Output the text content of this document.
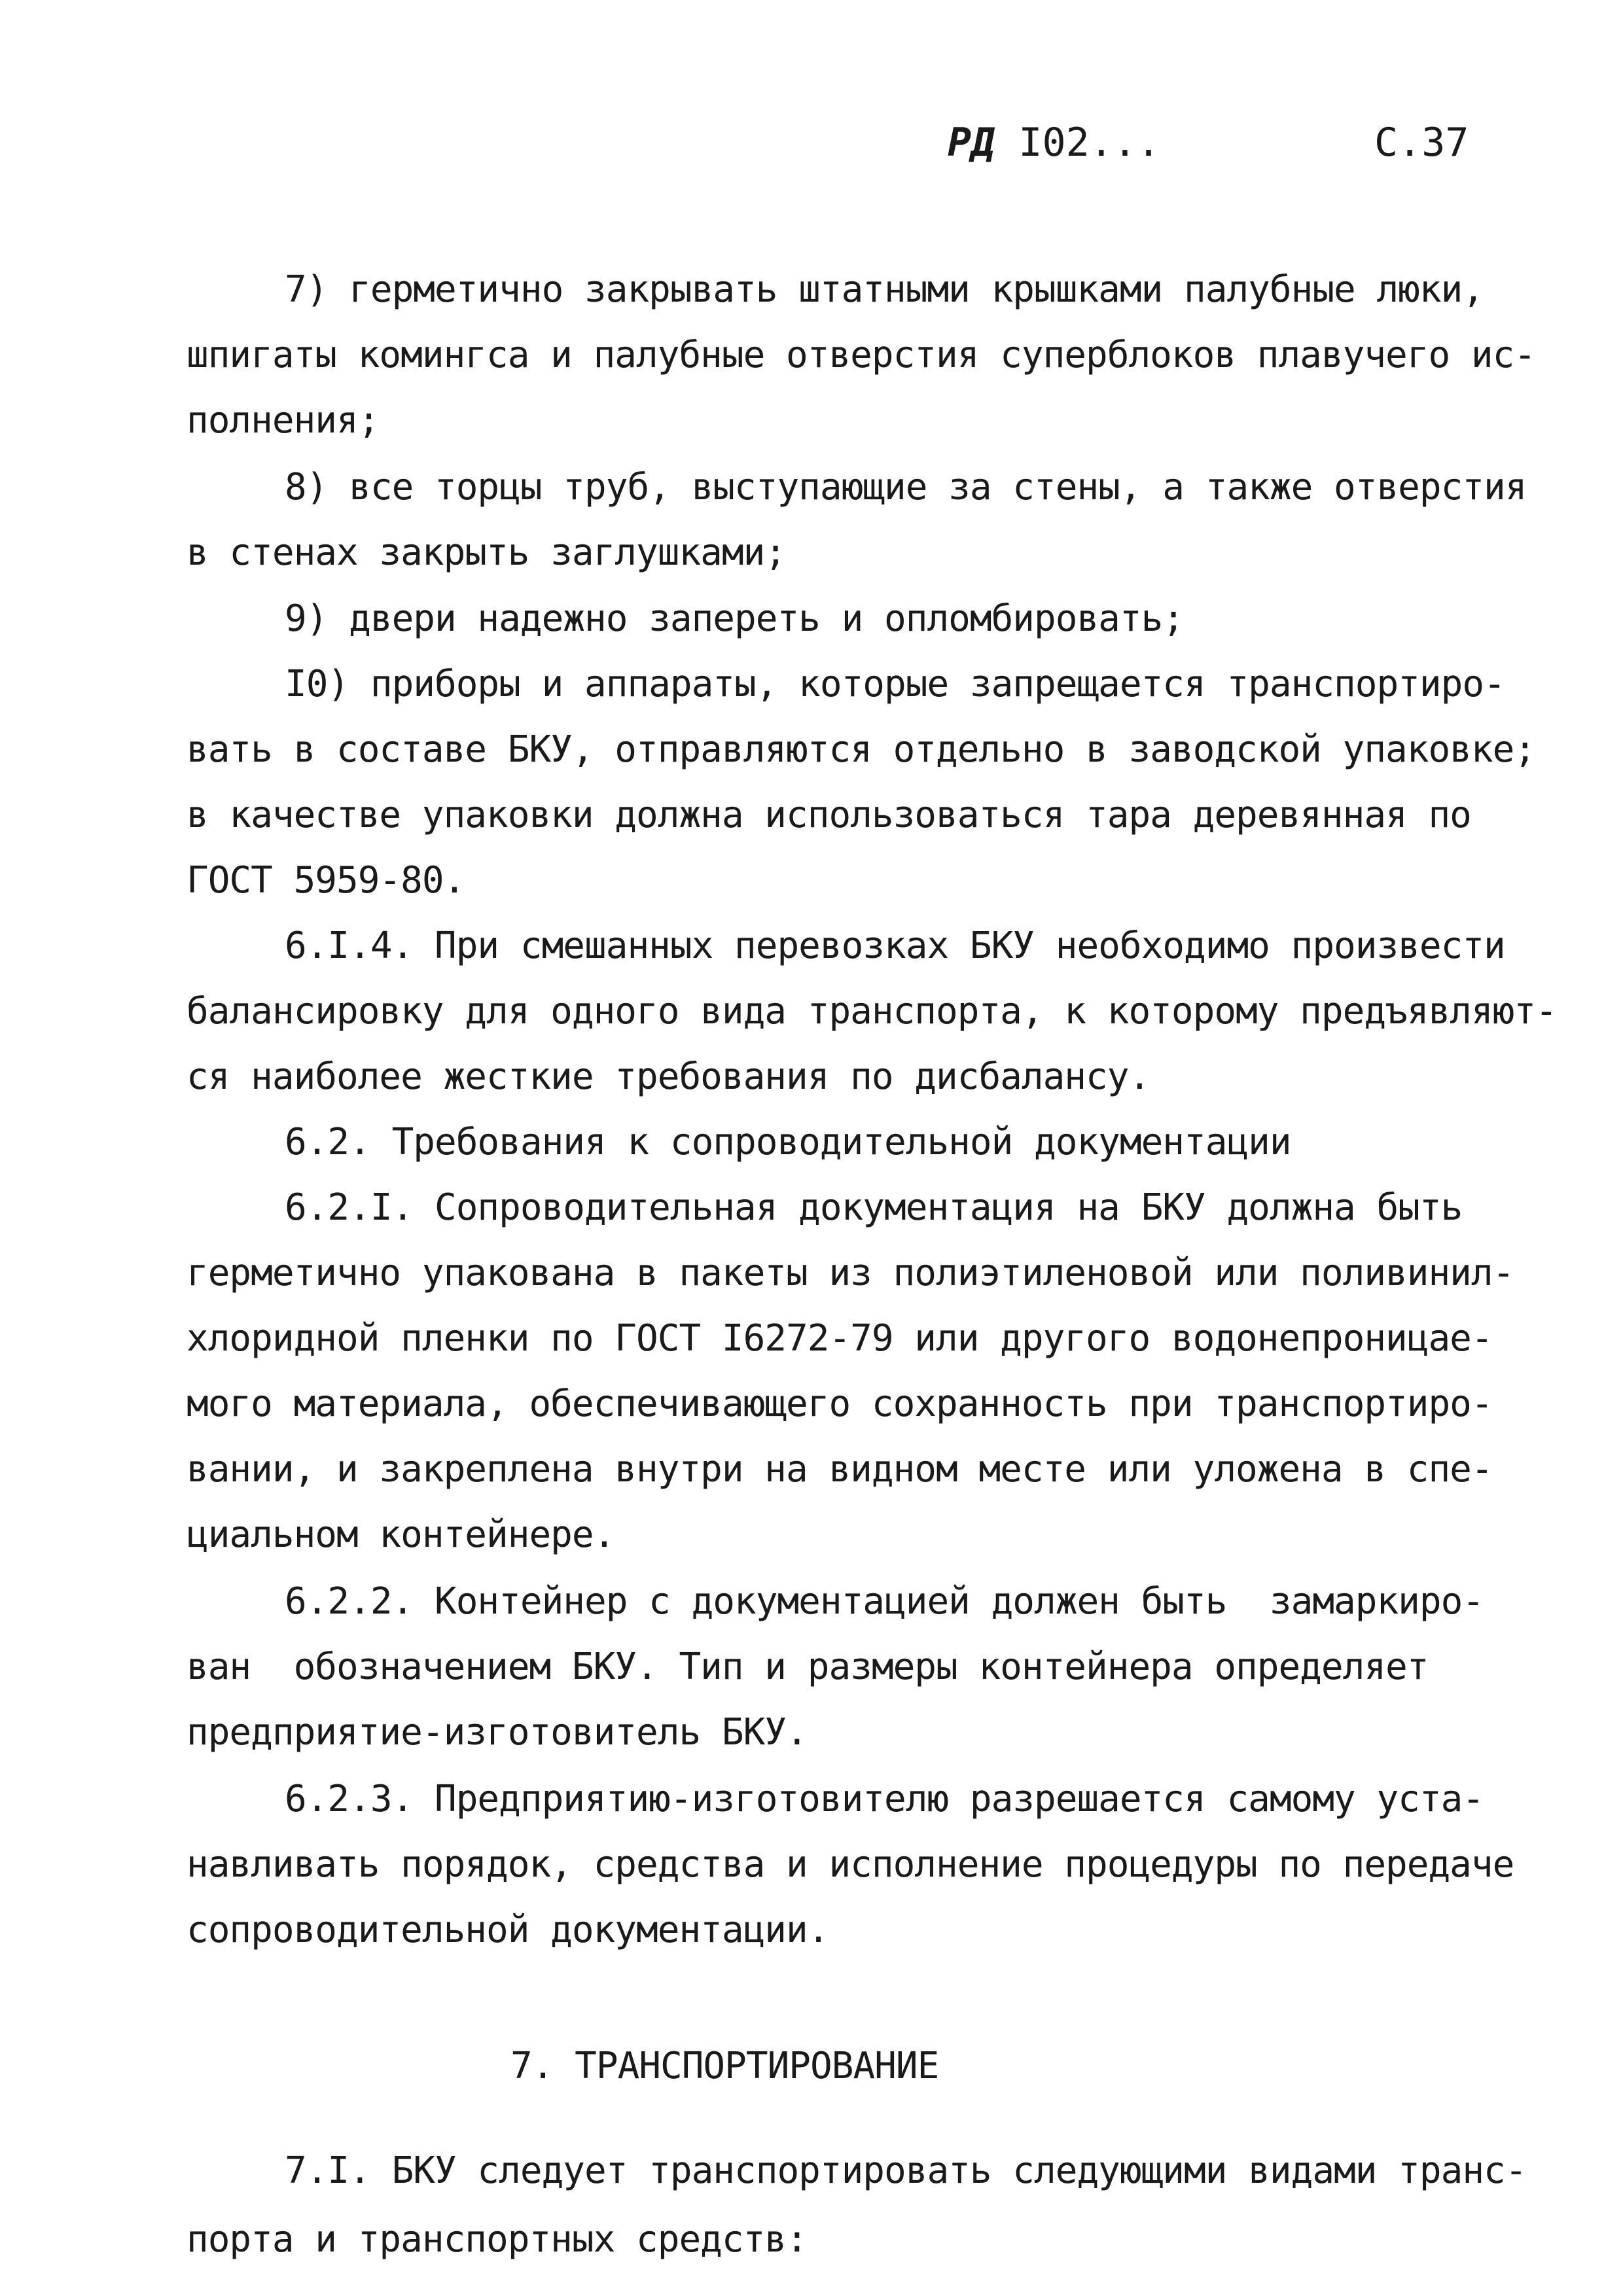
РД I02...	С.37
7) герметично закрывать штатными крышками палубные люки,
шпигаты комингса и палубные отверстия суперблоков плавучего ис-
полнения;
8) все торцы труб, выступающие за стены, а также отверстия
в стенах закрыть заглушками;
9) двери надежно запереть и опломбировать;
I0) приборы и аппараты, которые запрещается транспортиро-
вать в составе БКУ, отправляются отдельно в заводской упаковке;
в качестве упаковки должна использоваться тара деревянная по
ГОСТ 5959-80.
6.I.4. При смешанных перевозках БКУ необходимо произвести
балансировку для одного вида транспорта, к которому предъявляют-
ся наиболее жесткие требования по дисбалансу.
6.2. Требования к сопроводительной документации
6.2.I. Сопроводительная документация на БКУ должна быть
герметично упакована в пакеты из полиэтиленовой или поливинил-
хлоридной пленки по ГОСТ I6272-79 или другого водонепроницае-
мого материала, обеспечивающего сохранность при транспортиро-
вании, и закреплена внутри на видном месте или уложена в спе-
циальном контейнере.
6.2.2. Контейнер с документацией должен быть  замаркиро-
ван  обозначением БКУ. Тип и размеры контейнера определяет
предприятие-изготовитель БКУ.
6.2.3. Предприятию-изготовителю разрешается самому уста-
навливать порядок, средства и исполнение процедуры по передаче
сопроводительной документации.
7. ТРАНСПОРТИРОВАНИЕ
7.I. БКУ следует транспортировать следующими видами транс-
порта и транспортных средств:
